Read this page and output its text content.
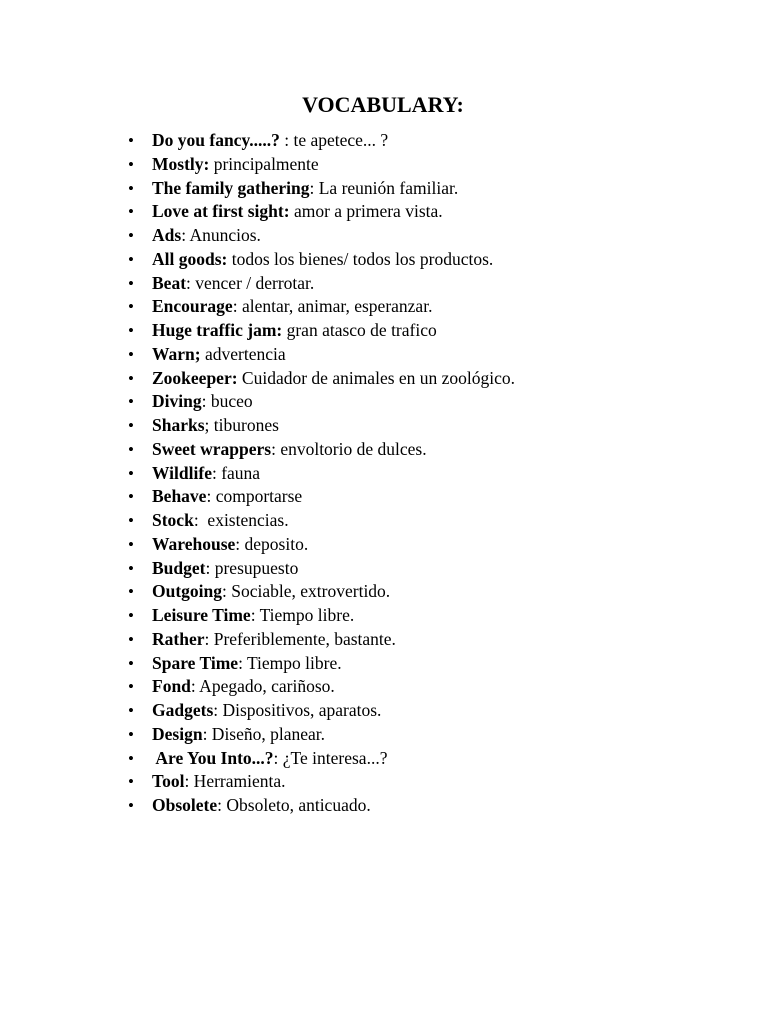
VOCABULARY:
• Do you fancy.....? : te apetece... ?
• Mostly: principalmente
• The family gathering: La reunión familiar.
• Love at first sight: amor a primera vista.
• Ads: Anuncios.
• All goods: todos los bienes/ todos los productos.
• Beat: vencer / derrotar.
• Encourage: alentar, animar, esperanzar.
• Huge traffic jam: gran atasco de trafico
• Warn; advertencia
• Zookeeper: Cuidador de animales en un zoológico.
• Diving: buceo
• Sharks; tiburones
• Sweet wrappers: envoltorio de dulces.
• Wildlife: fauna
• Behave: comportarse
• Stock:  existencias.
• Warehouse: deposito.
• Budget: presupuesto
• Outgoing: Sociable, extrovertido.
• Leisure Time: Tiempo libre.
• Rather: Preferiblemente, bastante.
• Spare Time: Tiempo libre.
• Fond: Apegado, cariñoso.
• Gadgets: Dispositivos, aparatos.
• Design: Diseño, planear.
• Are You Into...?: ¿Te interesa...?
• Tool: Herramienta.
• Obsolete: Obsoleto, anticuado.
